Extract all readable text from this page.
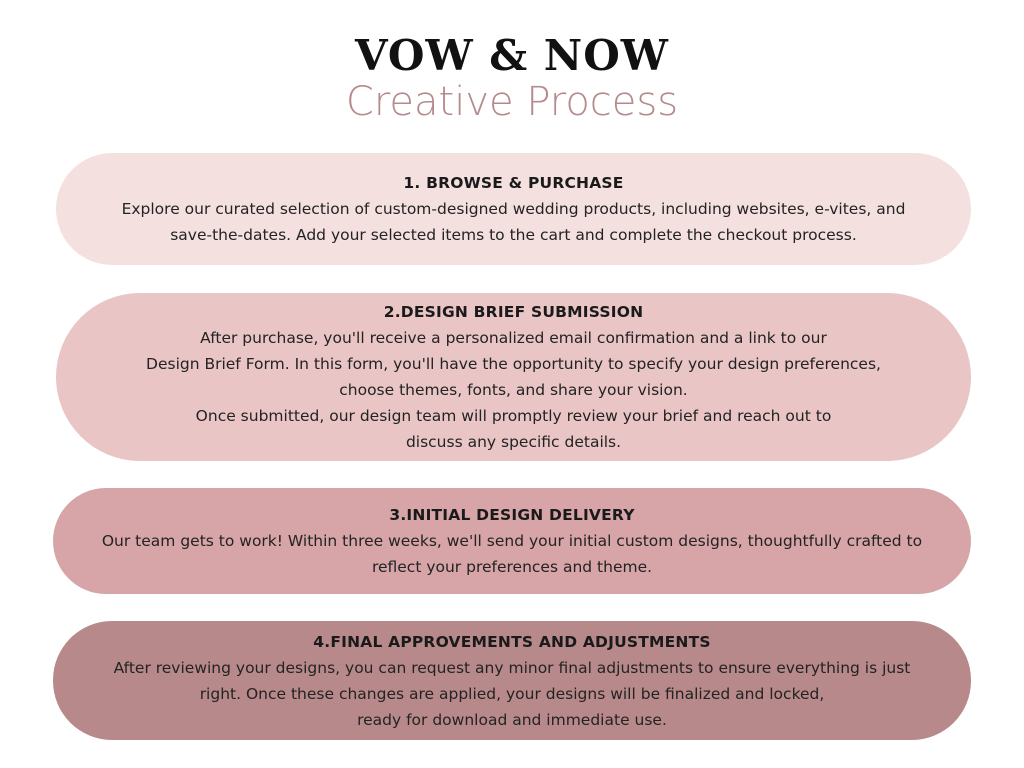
VOW & NOW
Creative Process
1. BROWSE & PURCHASE
Explore our curated selection of custom-designed wedding products, including websites, e-vites, and
save-the-dates. Add your selected items to the cart and complete the checkout process.
2.DESIGN BRIEF SUBMISSION
After purchase, you'll receive a personalized email confirmation and a link to our
Design Brief Form. In this form, you'll have the opportunity to specify your design preferences,
choose themes, fonts, and share your vision.
Once submitted, our design team will promptly review your brief and reach out to
discuss any specific details.
3.INITIAL DESIGN DELIVERY
Our team gets to work! Within three weeks, we'll send your initial custom designs, thoughtfully crafted to
reflect your preferences and theme.
4.FINAL APPROVEMENTS AND ADJUSTMENTS
After reviewing your designs, you can request any minor final adjustments to ensure everything is just
right. Once these changes are applied, your designs will be finalized and locked,
ready for download and immediate use.
